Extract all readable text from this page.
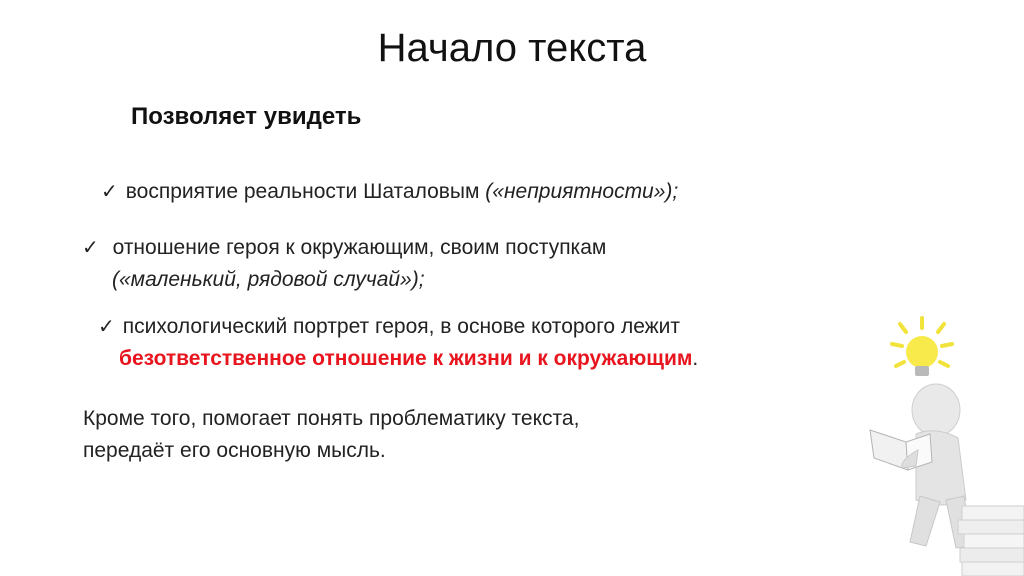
Начало текста
Позволяет увидеть
✓ восприятие реальности Шаталовым («неприятности»);
✓ отношение героя к окружающим, своим поступкам
(«маленький, рядовой случай»);
✓ психологический портрет героя, в основе которого лежит
безответственное отношение к жизни и к окружающим.
Кроме того, помогает понять проблематику текста,
передаёт его основную мысль.
